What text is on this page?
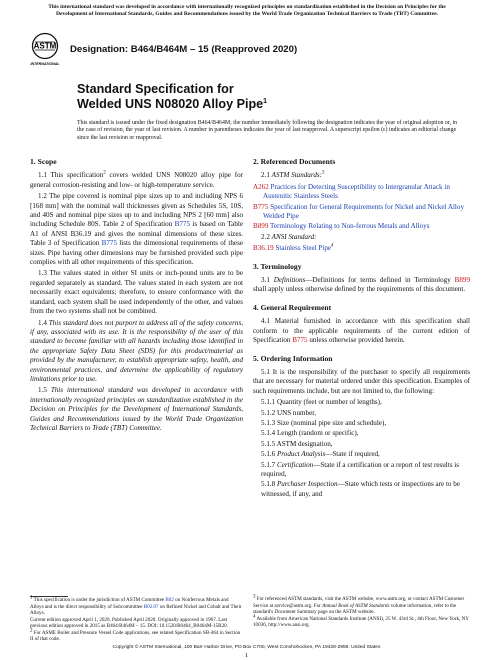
This international standard was developed in accordance with internationally recognized principles on standardization established in the Decision on Principles for the Development of International Standards, Guides and Recommendations issued by the World Trade Organization Technical Barriers to Trade (TBT) Committee.
ASTM
INTERNATIONAL
Designation: B464/B464M – 15 (Reapproved 2020)
Standard Specification for
Welded UNS N08020 Alloy Pipe$^1$
This standard is issued under the fixed designation B464/B464M; the number immediately following the designation indicates the year of original adoption or, in the case of revision, the year of last revision. A number in parentheses indicates the year of last reapproval. A superscript epsilon (ε) indicates an editorial change since the last revision or reapproval.
1. Scope

1.1 This specification$^2$ covers welded UNS N08020 alloy pipe for general corrosion-resisting and low- or high-temperature service.

1.2 The pipe covered is nominal pipe sizes up to and including NPS 6 [168 mm] with the nominal wall thicknesses given as Schedules 5S, 10S, and 40S and nominal pipe sizes up to and including NPS 2 [60 mm] also including Schedule 80S. Table 2 of Specification B775 is based on Table A1 of ANSI B36.19 and gives the nominal dimensions of these sizes. Table 3 of Specification B775 lists the dimensional requirements of these sizes. Pipe having other dimensions may be furnished provided such pipe complies with all other requirements of this specification.

1.3 The values stated in either SI units or inch-pound units are to be regarded separately as standard. The values stated in each system are not necessarily exact equivalents; therefore, to ensure conformance with the standard, each system shall be used independently of the other, and values from the two systems shall not be combined.

1.4 This standard does not purport to address all of the safety concerns, if any, associated with its use. It is the responsibility of the user of this standard to become familiar with all hazards including those identified in the appropriate Safety Data Sheet (SDS) for this product/material as provided by the manufacturer, to establish appropriate safety, health, and environmental practices, and determine the applicability of regulatory limitations prior to use.

1.5 This international standard was developed in accordance with internationally recognized principles on standardization established in the Decision on Principles for the Development of International Standards, Guides and Recommendations issued by the World Trade Organization Technical Barriers to Trade (TBT) Committee.

2. Referenced Documents

2.1 ASTM Standards:$^3$

A262 Practices for Detecting Susceptibility to Intergranular Attack in Austenitic Stainless Steels

B775 Specification for General Requirements for Nickel and Nickel Alloy Welded Pipe

B899 Terminology Relating to Non-ferrous Metals and Alloys

2.2 ANSI Standard:

B36.19 Stainless Steel Pipe$^4$

3. Terminology

3.1 Definitions—Definitions for terms defined in Terminology B899 shall apply unless otherwise defined by the requirements of this document.

4. General Requirement

4.1 Material furnished in accordance with this specification shall conform to the applicable requirements of the current edition of Specification B775 unless otherwise provided herein.

5. Ordering Information

5.1 It is the responsibility of the purchaser to specify all requirements that are necessary for material ordered under this specification. Examples of such requirements include, but are not limited to, the following:

5.1.1 Quantity (feet or number of lengths),

5.1.2 UNS number,

5.1.3 Size (nominal pipe size and schedule),

5.1.4 Length (random or specific),

5.1.5 ASTM designation,

5.1.6 Product Analysis—State if required,

5.1.7 Certification—State if a certification or a report of test results is required,

5.1.8 Purchaser Inspection—State which tests or inspections are to be witnessed, if any, and

$^1$ This specification is under the jurisdiction of ASTM Committee B02 on Nonferrous Metals and Alloys and is the direct responsibility of Subcommittee B02.07 on Refined Nickel and Cobalt and Their Alloys.
Current edition approved April 1, 2020. Published April 2020. Originally approved in 1967. Last previous edition approved in 2015 as B464/B464M – 15. DOI: 10.1520/B0464_B0464M-15R20.
$^2$ For ASME Boiler and Pressure Vessel Code applications, see related Specification SB-464 in Section II of that code.
$^3$ For referenced ASTM standards, visit the ASTM website, www.astm.org, or contact ASTM Customer Service at service@astm.org. For Annual Book of ASTM Standards volume information, refer to the standard's Document Summary page on the ASTM website.
$^4$ Available from American National Standards Institute (ANSI), 25 W. 43rd St., 4th Floor, New York, NY 10036, http://www.ansi.org.
Copyright © ASTM International, 100 Barr Harbor Drive, PO Box C700, West Conshohocken, PA 19428-2959. United States
1
